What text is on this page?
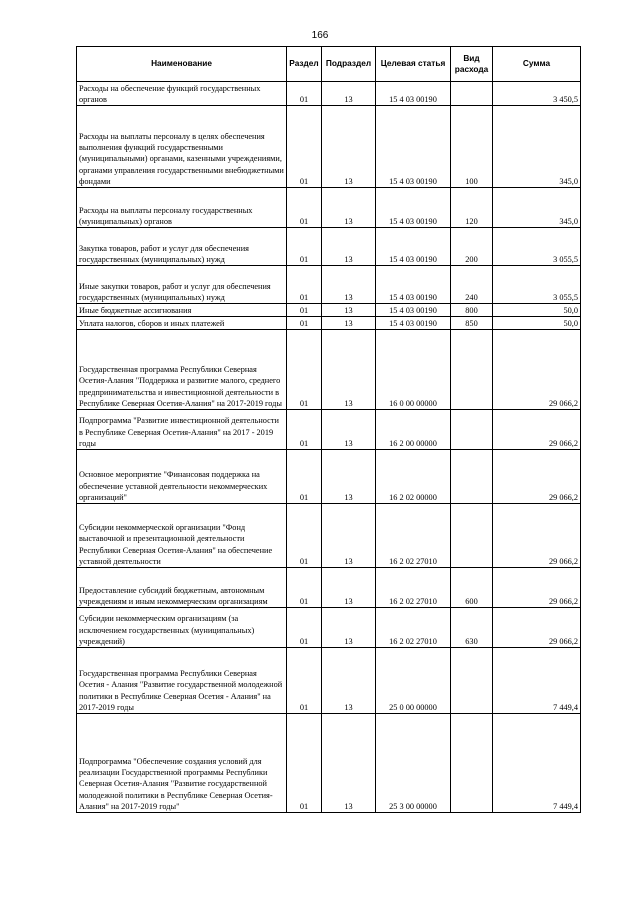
166
Наименование	Раздел	Подраздел	Целевая статья	Вид расхода	Сумма
Расходы на обеспечение функций государственных органов	01	13	15 4 03 00190		3 450,5
Расходы на выплаты персоналу в целях обеспечения выполнения функций государственными (муниципальными) органами, казенными учреждениями, органами управления государственными внебюджетными фондами	01	13	15 4 03 00190	100	345,0
Расходы на выплаты персоналу государственных (муниципальных) органов	01	13	15 4 03 00190	120	345,0
Закупка товаров, работ и услуг для обеспечения государственных (муниципальных) нужд	01	13	15 4 03 00190	200	3 055,5
Иные закупки товаров, работ и услуг для обеспечения государственных (муниципальных) нужд	01	13	15 4 03 00190	240	3 055,5
Иные бюджетные ассигнования	01	13	15 4 03 00190	800	50,0
Уплата налогов, сборов и иных платежей	01	13	15 4 03 00190	850	50,0
Государственная программа Республики Северная Осетия-Алания "Поддержка и развитие малого, среднего предпринимательства и инвестиционной деятельности в Республике Северная Осетия-Алания" на 2017-2019 годы	01	13	16 0 00 00000		29 066,2
Подпрограмма "Развитие инвестиционной деятельности в Республике Северная Осетия-Алания" на 2017 - 2019 годы	01	13	16 2 00 00000		29 066,2
Основное мероприятие "Финансовая поддержка на обеспечение уставной деятельности некоммерческих организаций"	01	13	16 2 02 00000		29 066,2
Субсидии некоммерческой организации "Фонд выставочной и презентационной деятельности Республики Северная Осетия-Алания" на обеспечение уставной деятельности	01	13	16 2 02 27010		29 066,2
Предоставление субсидий бюджетным, автономным учреждениям и иным некоммерческим организациям	01	13	16 2 02 27010	600	29 066,2
Субсидии некоммерческим организациям (за исключением государственных (муниципальных) учреждений)	01	13	16 2 02 27010	630	29 066,2
Государственная программа Республики Северная Осетия - Алания "Развитие государственной молодежной политики в Республике Северная Осетия - Алания" на 2017-2019 годы	01	13	25 0 00 00000		7 449,4
Подпрограмма "Обеспечение создания условий для реализации Государственной программы Республики Северная Осетия-Алания "Развитие государственной молодежной политики в Республике Северная Осетия-Алания" на 2017-2019 годы"	01	13	25 3 00 00000		7 449,4
